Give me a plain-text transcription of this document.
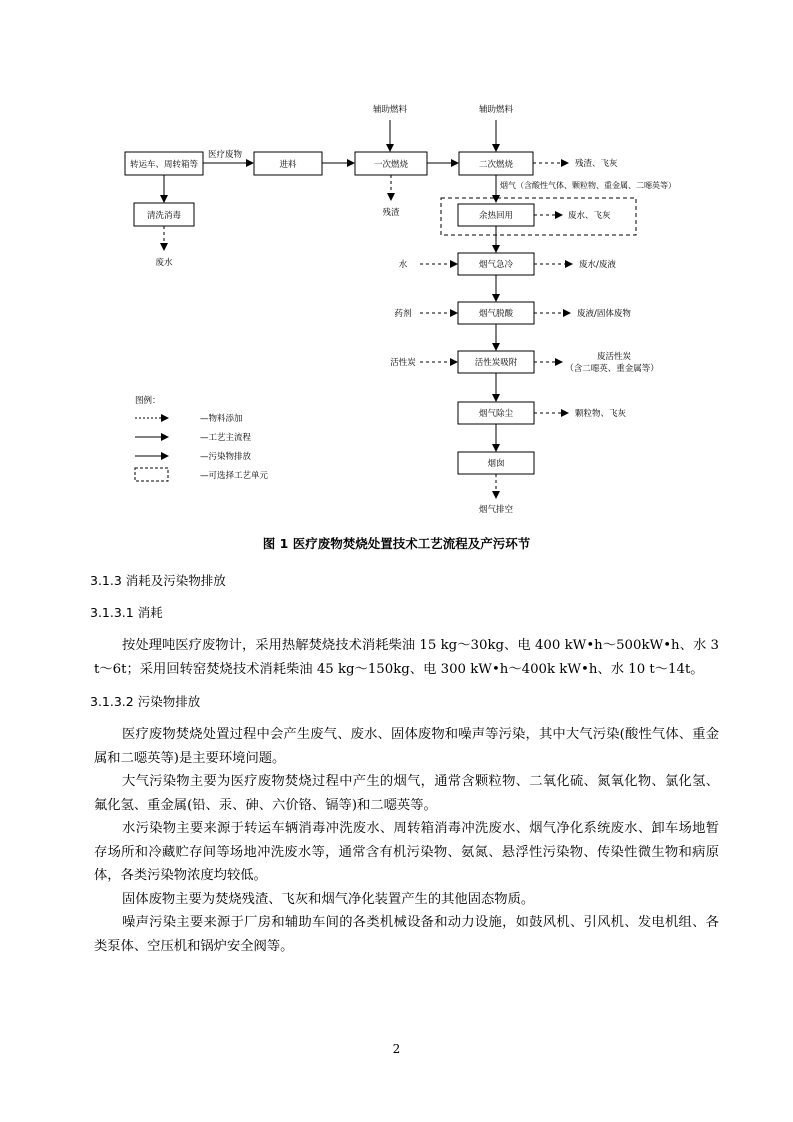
辅助燃料	辅助燃料
转运车、周转箱等
医疗废物
进料	一次燃烧	二次燃烧	残渣、飞灰
残渣
清洗消毒
废水
烟气（含酸性气体、颗粒物、重金属、二噁英等）
余热回用	废水、飞灰
水	烟气急冷	废水/废液
药剂	烟气脱酸	废液/固体废物
活性炭	活性炭吸附
废活性炭
（含二噁英、重金属等）
烟气除尘	颗粒物、飞灰
烟囱
烟气排空
图例：
—物料添加
—工艺主流程
—污染物排放
—可选择工艺单元
图 1 医疗废物焚烧处置技术工艺流程及产污环节
3.1.3 消耗及污染物排放
3.1.3.1 消耗
按处理吨医疗废物计，采用热解焚烧技术消耗柴油 15 kg～30kg、电 400 kW•h～500kW•h、水 3 t～6t；采用回转窑焚烧技术消耗柴油 45 kg～150kg、电 300 kW•h～400k kW•h、水 10 t～14t。
3.1.3.2 污染物排放
医疗废物焚烧处置过程中会产生废气、废水、固体废物和噪声等污染，其中大气污染(酸性气体、重金属和二噁英等)是主要环境问题。
大气污染物主要为医疗废物焚烧过程中产生的烟气，通常含颗粒物、二氧化硫、氮氧化物、氯化氢、氟化氢、重金属(铅、汞、砷、六价铬、镉等)和二噁英等。
水污染物主要来源于转运车辆消毒冲洗废水、周转箱消毒冲洗废水、烟气净化系统废水、卸车场地暂存场所和冷藏贮存间等场地冲洗废水等，通常含有机污染物、氨氮、悬浮性污染物、传染性微生物和病原体，各类污染物浓度均较低。
固体废物主要为焚烧残渣、飞灰和烟气净化装置产生的其他固态物质。
噪声污染主要来源于厂房和辅助车间的各类机械设备和动力设施，如鼓风机、引风机、发电机组、各类泵体、空压机和锅炉安全阀等。
2
